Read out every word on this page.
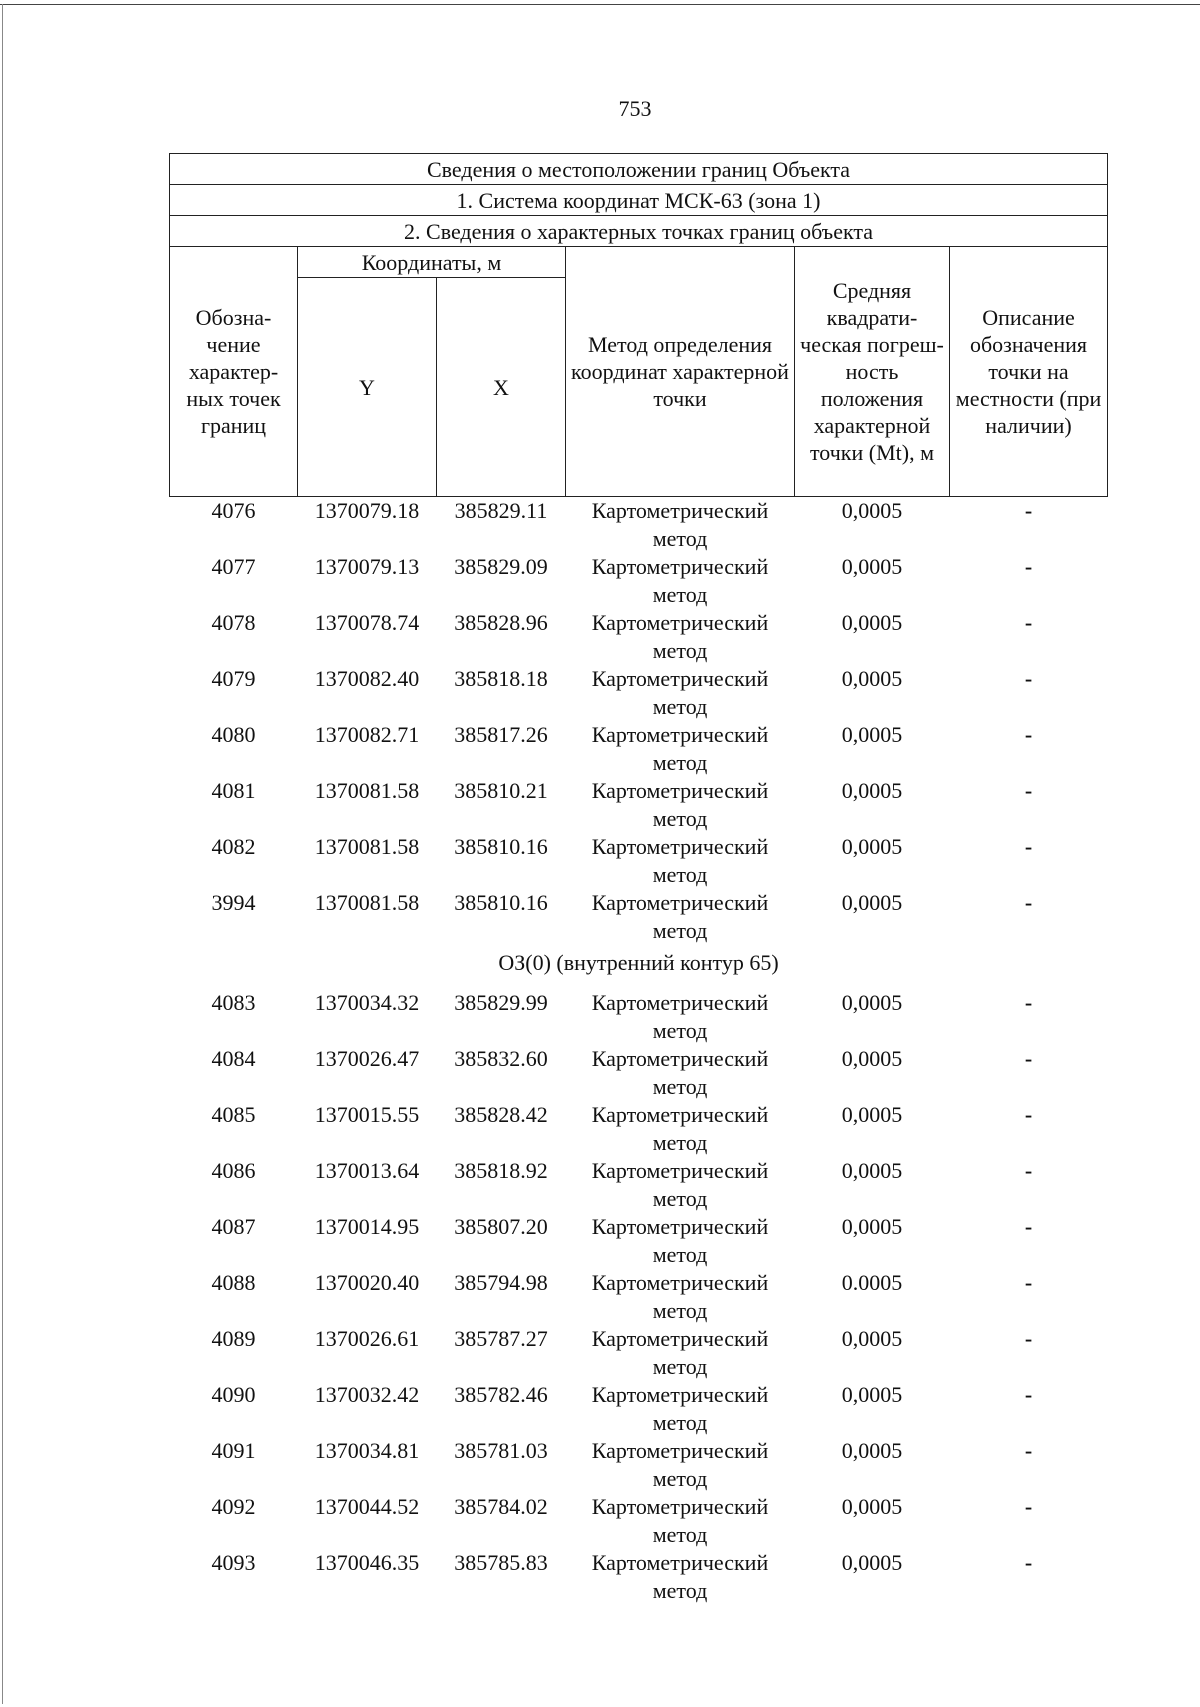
753
Сведения о местоположении границ Объекта					
1. Система координат МСК-63 (зона 1)					
2. Сведения о характерных точках границ объекта					
Обозна- чение характер- ных точек границ	Координаты, м		Метод определения координат характерной точки	Средняя квадрати- ческая погреш- ность положения характерной точки (Mt), м	Описание обозначения точки на местности (при наличии)
	Y	X			
4076	1370079.18	385829.11	Картометрический метод	0,0005	-
4077	1370079.13	385829.09	Картометрический метод	0,0005	-
4078	1370078.74	385828.96	Картометрический метод	0,0005	-
4079	1370082.40	385818.18	Картометрический метод	0,0005	-
4080	1370082.71	385817.26	Картометрический метод	0,0005	-
4081	1370081.58	385810.21	Картометрический метод	0,0005	-
4082	1370081.58	385810.16	Картометрический метод	0,0005	-
3994	1370081.58	385810.16	Картометрический метод	0,0005	-
ОЗ(0) (внутренний контур 65)					
4083	1370034.32	385829.99	Картометрический метод	0,0005	-
4084	1370026.47	385832.60	Картометрический метод	0,0005	-
4085	1370015.55	385828.42	Картометрический метод	0,0005	-
4086	1370013.64	385818.92	Картометрический метод	0,0005	-
4087	1370014.95	385807.20	Картометрический метод	0,0005	-
4088	1370020.40	385794.98	Картометрический метод	0.0005	-
4089	1370026.61	385787.27	Картометрический метод	0,0005	-
4090	1370032.42	385782.46	Картометрический метод	0,0005	-
4091	1370034.81	385781.03	Картометрический метод	0,0005	-
4092	1370044.52	385784.02	Картометрический метод	0,0005	-
4093	1370046.35	385785.83	Картометрический метод	0,0005	-
